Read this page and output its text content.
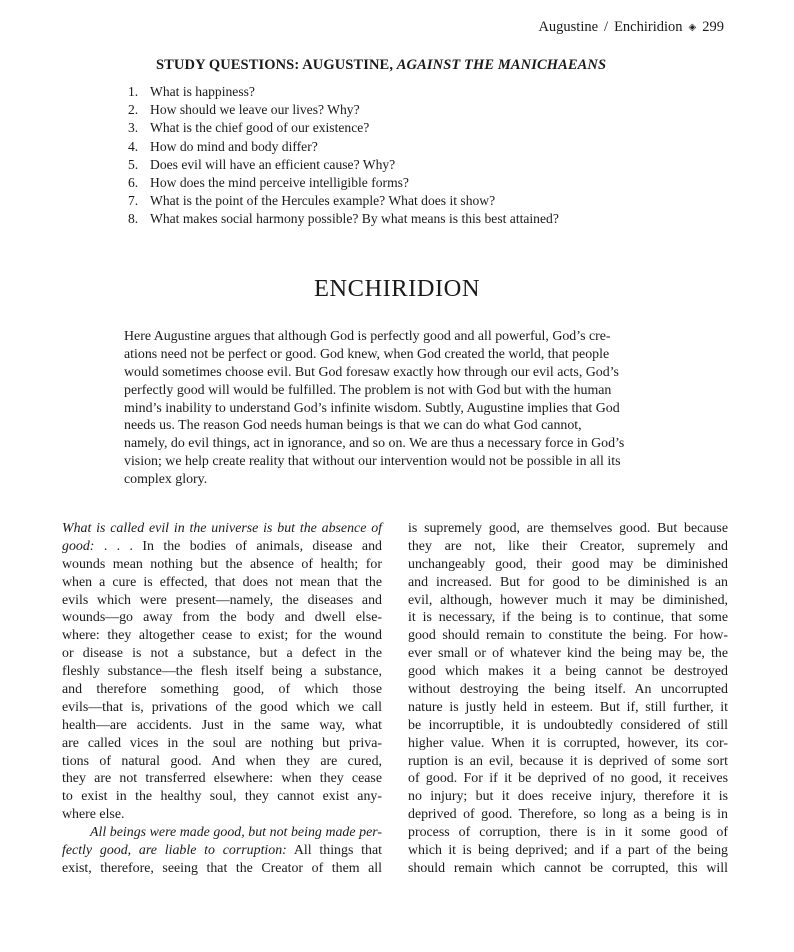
Augustine / Enchiridion ◈ 299
STUDY QUESTIONS: AUGUSTINE, AGAINST THE MANICHAEANS
1. What is happiness?
2. How should we leave our lives? Why?
3. What is the chief good of our existence?
4. How do mind and body differ?
5. Does evil will have an efficient cause? Why?
6. How does the mind perceive intelligible forms?
7. What is the point of the Hercules example? What does it show?
8. What makes social harmony possible? By what means is this best attained?
ENCHIRIDION
Here Augustine argues that although God is perfectly good and all powerful, God’s cre-
ations need not be perfect or good. God knew, when God created the world, that people
would sometimes choose evil. But God foresaw exactly how through our evil acts, God’s
perfectly good will would be fulfilled. The problem is not with God but with the human
mind’s inability to understand God’s infinite wisdom. Subtly, Augustine implies that God
needs us. The reason God needs human beings is that we can do what God cannot,
namely, do evil things, act in ignorance, and so on. We are thus a necessary force in God’s
vision; we help create reality that without our intervention would not be possible in all its
complex glory.
What is called evil in the universe is but the absence of
good: . . . In the bodies of animals, disease and
wounds mean nothing but the absence of health; for
when a cure is effected, that does not mean that the
evils which were present—namely, the diseases and
wounds—go away from the body and dwell else-
where: they altogether cease to exist; for the wound
or disease is not a substance, but a defect in the
fleshly substance—the flesh itself being a substance,
and therefore something good, of which those
evils—that is, privations of the good which we call
health—are accidents. Just in the same way, what
are called vices in the soul are nothing but priva-
tions of natural good. And when they are cured,
they are not transferred elsewhere: when they cease
to exist in the healthy soul, they cannot exist any-
where else.
All beings were made good, but not being made per-
fectly good, are liable to corruption: All things that
exist, therefore, seeing that the Creator of them all
is supremely good, are themselves good. But because
they are not, like their Creator, supremely and
unchangeably good, their good may be diminished
and increased. But for good to be diminished is an
evil, although, however much it may be diminished,
it is necessary, if the being is to continue, that some
good should remain to constitute the being. For how-
ever small or of whatever kind the being may be, the
good which makes it a being cannot be destroyed
without destroying the being itself. An uncorrupted
nature is justly held in esteem. But if, still further, it
be incorruptible, it is undoubtedly considered of still
higher value. When it is corrupted, however, its cor-
ruption is an evil, because it is deprived of some sort
of good. For if it be deprived of no good, it receives
no injury; but it does receive injury, therefore it is
deprived of good. Therefore, so long as a being is in
process of corruption, there is in it some good of
which it is being deprived; and if a part of the being
should remain which cannot be corrupted, this will
